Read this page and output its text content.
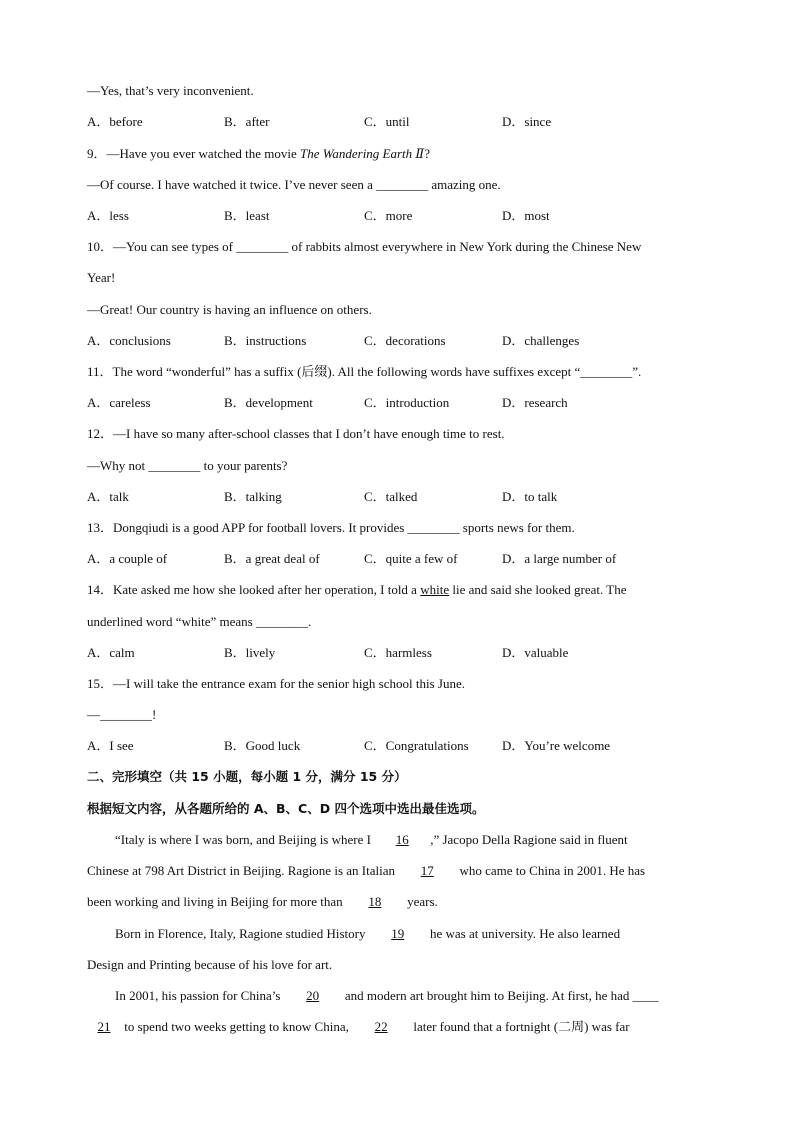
—Yes, that’s very inconvenient.
A．before	B．after	C．until	D．since
9．—Have you ever watched the movie The Wandering Earth Ⅱ?
—Of course. I have watched it twice. I’ve never seen a ________ amazing one.
A．less	B．least	C．more	D．most
10．—You can see types of ________ of rabbits almost everywhere in New York during the Chinese New
Year!
—Great! Our country is having an influence on others.
A．conclusions	B．instructions	C．decorations	D．challenges
11．The word “wonderful” has a suffix (后缀). All the following words have suffixes except “________”.
A．careless	B．development	C．introduction	D．research
12．—I have so many after-school classes that I don’t have enough time to rest.
—Why not ________ to your parents?
A．talk	B．talking	C．talked	D．to talk
13．Dongqiudi is a good APP for football lovers. It provides ________ sports news for them.
A．a couple of	B．a great deal of	C．quite a few of	D．a large number of
14．Kate asked me how she looked after her operation, I told a white lie and said she looked great. The
underlined word “white” means ________.
A．calm	B．lively	C．harmless	D．valuable
15．—I will take the entrance exam for the senior high school this June.
—________!
A．I see	B．Good luck	C．Congratulations	D．You’re welcome
二、完形填空（共 15 小题，每小题 1 分，满分 15 分）
根据短文内容，从各题所给的 A、B、C、D 四个选项中选出最佳选项。
“Italy is where I was born, and Beijing is where I 16 ,” Jacopo Della Ragione said in fluent
Chinese at 798 Art District in Beijing. Ragione is an Italian 17 who came to China in 2001. He has
been working and living in Beijing for more than 18 years.
Born in Florence, Italy, Ragione studied History 19 he was at university. He also learned
Design and Printing because of his love for art.
In 2001, his passion for China’s 20 and modern art brought him to Beijing. At first, he had ____
21 to spend two weeks getting to know China, 22 later found that a fortnight (二周) was far
